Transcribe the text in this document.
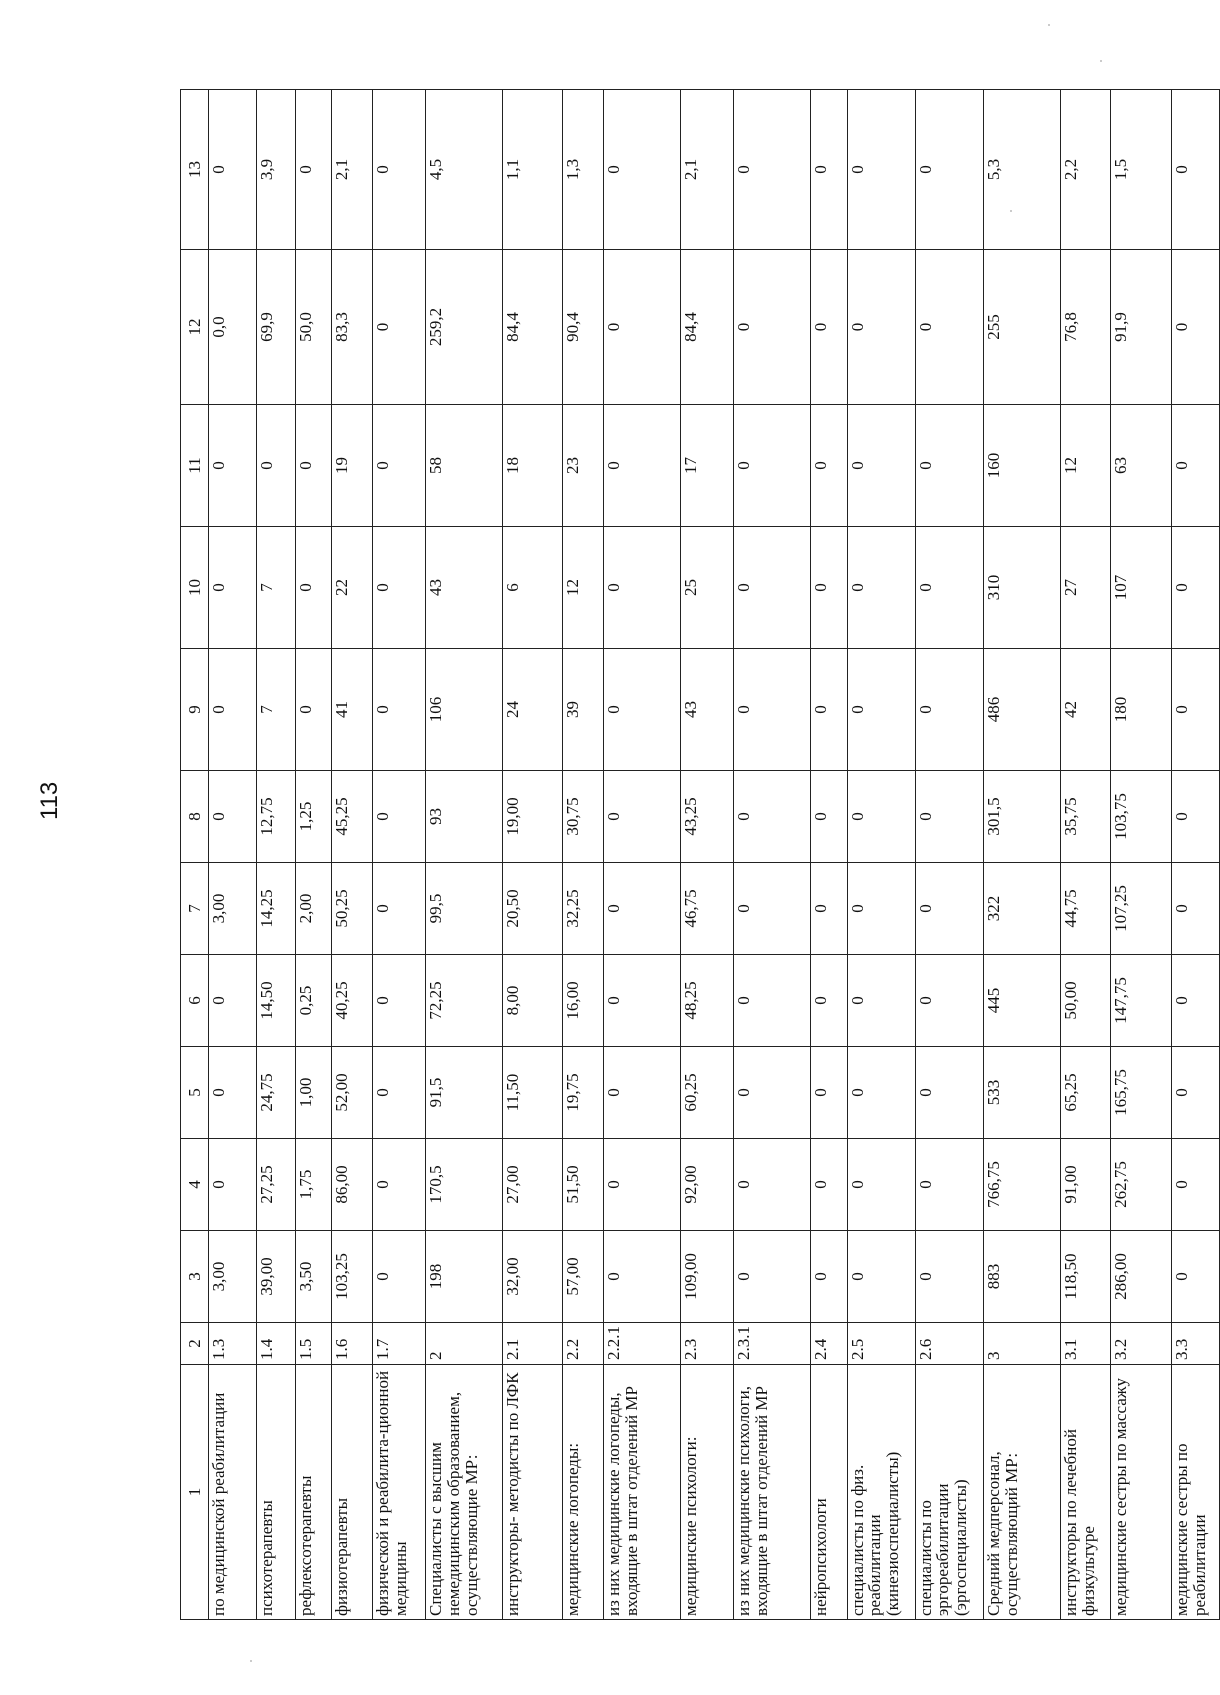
113
1	2	3	4	5	6	7	8	9	10	11	12	13
по медицинской реабилитации	1.3	3,00	0	0	0	3,00	0	0	0	0	0,0	0
психотерапевты	1.4	39,00	27,25	24,75	14,50	14,25	12,75	7	7	0	69,9	3,9
рефлексотерапевты	1.5	3,50	1,75	1,00	0,25	2,00	1,25	0	0	0	50,0	0
физиотерапевты	1.6	103,25	86,00	52,00	40,25	50,25	45,25	41	22	19	83,3	2,1
физической и реабилита-ционной медицины	1.7	0	0	0	0	0	0	0	0	0	0	0
Специалисты с высшим немедицинским образованием, осуществляющие МР:	2	198	170,5	91,5	72,25	99,5	93	106	43	58	259,2	4,5
инструкторы- методисты по ЛФК	2.1	32,00	27,00	11,50	8,00	20,50	19,00	24	6	18	84,4	1,1
медицинские логопеды:	2.2	57,00	51,50	19,75	16,00	32,25	30,75	39	12	23	90,4	1,3
из них медицинские логопеды, входящие в штат отделений МР	2.2.1	0	0	0	0	0	0	0	0	0	0	0
медицинские психологи:	2.3	109,00	92,00	60,25	48,25	46,75	43,25	43	25	17	84,4	2,1
из них медицинские психологи, входящие в штат отделений МР	2.3.1	0	0	0	0	0	0	0	0	0	0	0
нейропсихологи	2.4	0	0	0	0	0	0	0	0	0	0	0
специалисты по физ. реабилитации (кинезиоспециалисты)	2.5	0	0	0	0	0	0	0	0	0	0	0
специалисты по эргореабилитации (эргоспециалисты)	2.6	0	0	0	0	0	0	0	0	0	0	0
Средний медперсонал, осуществляющий МР:	3	883	766,75	533	445	322	301,5	486	310	160	255	5,3
инструкторы по лечебной физкультуре	3.1	118,50	91,00	65,25	50,00	44,75	35,75	42	27	12	76,8	2,2
медицинские сестры по массажу	3.2	286,00	262,75	165,75	147,75	107,25	103,75	180	107	63	91,9	1,5
медицинские сестры по реабилитации	3.3	0	0	0	0	0	0	0	0	0	0	0
